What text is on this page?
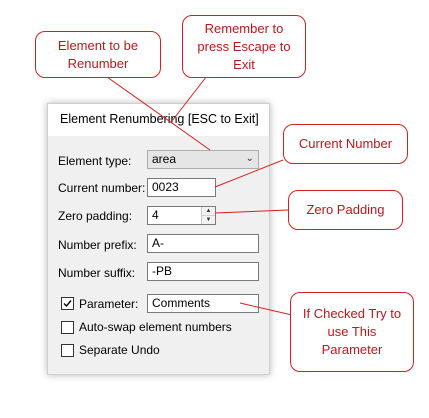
Element Renumbering [ESC to Exit]
Element type:	area	⌄
Current number: 0023
Zero padding: 4	▲
▼
Number prefix:	A-
Number suffix:	-PB
Parameter:	Comments
Auto-swap element numbers
Separate Undo
Element to be
Renumber
Remember to
press Escape to
Exit
Current Number
Zero Padding
If Checked Try to
use This
Parameter
